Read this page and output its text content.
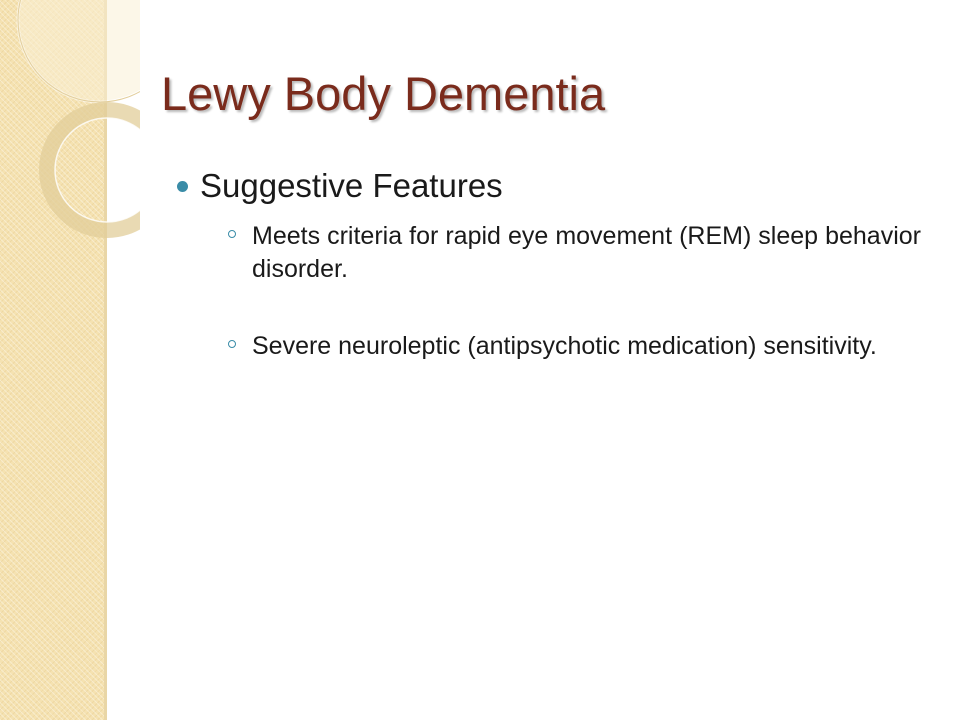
Lewy Body Dementia
Suggestive Features
Meets criteria for rapid eye movement (REM) sleep behavior disorder.
Severe neuroleptic (antipsychotic medication) sensitivity.
